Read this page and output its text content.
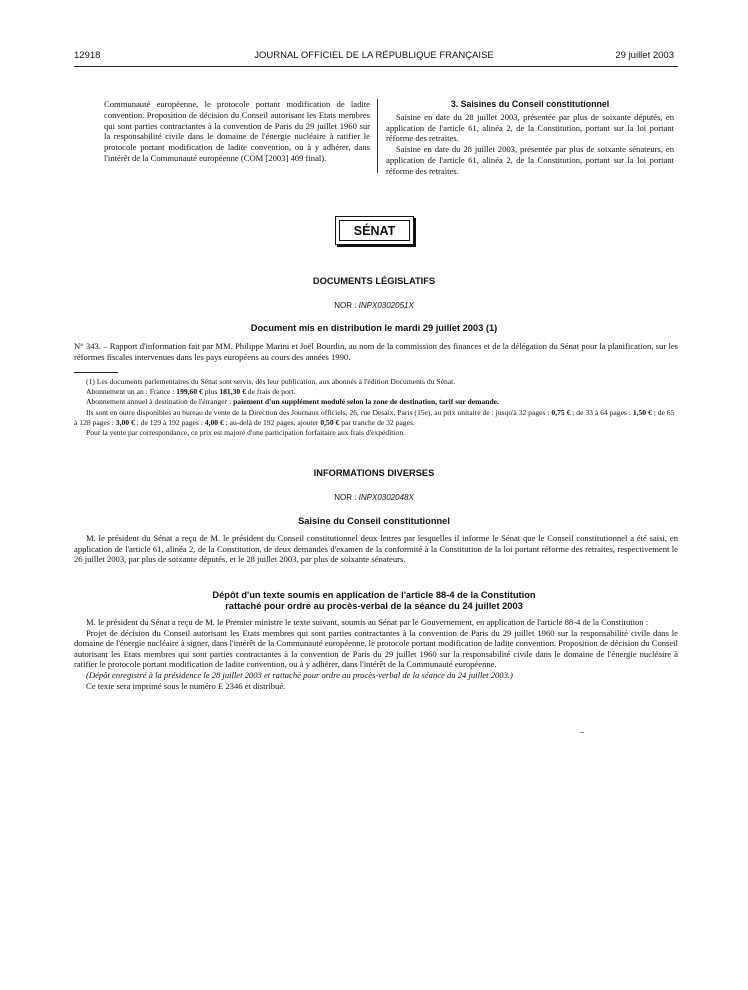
12918	JOURNAL OFFICIEL DE LA RÉPUBLIQUE FRANÇAISE	29 juillet 2003
Communauté européenne, le protocole portant modification de ladite convention. Proposition de décision du Conseil autorisant les Etats membres qui sont parties contractantes à la convention de Paris du 29 juillet 1960 sur la responsabilité civile dans le domaine de l'énergie nucléaire à ratifier le protocole portant modification de ladite convention, ou à y adhérer, dans l'intérêt de la Communauté européenne (COM [2003] 409 final).
3. Saisines du Conseil constitutionnel

Saisine en date du 28 juillet 2003, présentée par plus de soixante députés, en application de l'article 61, alinéa 2, de la Constitution, portant sur la loi portant réforme des retraites.

Saisine en date du 28 juillet 2003, présentée par plus de soixante sénateurs, en application de l'article 61, alinéa 2, de la Constitution, portant sur la loi portant réforme des retraites.

SÉNAT
DOCUMENTS LÉGISLATIFS
NOR : INPX0302051X
Document mis en distribution le mardi 29 juillet 2003 (1)

N° 343. – Rapport d'information fait par MM. Philippe Marini et Joël Bourdin, au nom de la commission des finances et de la délégation du Sénat pour la planification, sur les réformes fiscales intervenues dans les pays européens au cours des années 1990.

(1) Les documents parlementaires du Sénat sont servis, dès leur publication, aux abonnés à l'édition Documents du Sénat.

Abonnement un an : France : 199,60 € plus 181,30 € de frais de port.

Abonnement annuel à destination de l'étranger : paiement d'un supplément modulé selon la zone de destination, tarif sur demande.

Ils sont en outre disponibles au bureau de vente de la Direction des Journaux officiels, 26, rue Desaix, Paris (15e), au prix unitaire de : jusqu'à 32 pages : 0,75 € ; de 33 à 64 pages : 1,50 € ; de 65 à 128 pages : 3,00 € ; de 129 à 192 pages : 4,00 € ; au-delà de 192 pages, ajouter 0,50 € par tranche de 32 pages.

Pour la vente par correspondance, ce prix est majoré d'une participation forfaitaire aux frais d'expédition.

INFORMATIONS DIVERSES
NOR : INPX0302048X
Saisine du Conseil constitutionnel

M. le président du Sénat a reçu de M. le président du Conseil constitutionnel deux lettres par lesquelles il informe le Sénat que le Conseil constitutionnel a été saisi, en application de l'article 61, alinéa 2, de la Constitution, de deux demandes d'examen de la conformité à la Constitution de la loi portant réforme des retraites, respectivement le 26 juillet 2003, par plus de soixante députés, et le 28 juillet 2003, par plus de soixante sénateurs.

Dépôt d'un texte soumis en application de l'article 88-4 de la Constitution
rattaché pour ordre au procès-verbal de la séance du 24 juillet 2003

M. le président du Sénat a reçu de M. le Premier ministre le texte suivant, soumis au Sénat par le Gouvernement, en application de l'article 88-4 de la Constitution :

Projet de décision du Conseil autorisant les Etats membres qui sont parties contractantes à la convention de Paris du 29 juillet 1960 sur la responsabilité civile dans le domaine de l'énergie nucléaire à signer, dans l'intérêt de la Communauté européenne, le protocole portant modification de ladite convention. Proposition de décision du Conseil autorisant les Etats membres qui sont parties contractantes à la convention de Paris du 29 juillet 1960 sur la responsabilité civile dans le domaine de l'énergie nucléaire à ratifier le protocole portant modification de ladite convention, ou à y adhérer, dans l'intérêt de la Communauté européenne.

(Dépôt enregistré à la présidence le 28 juillet 2003 et rattaché pour ordre au procès-verbal de la séance du 24 juillet 2003.)

Ce texte sera imprimé sous le numéro E 2346 et distribué.
